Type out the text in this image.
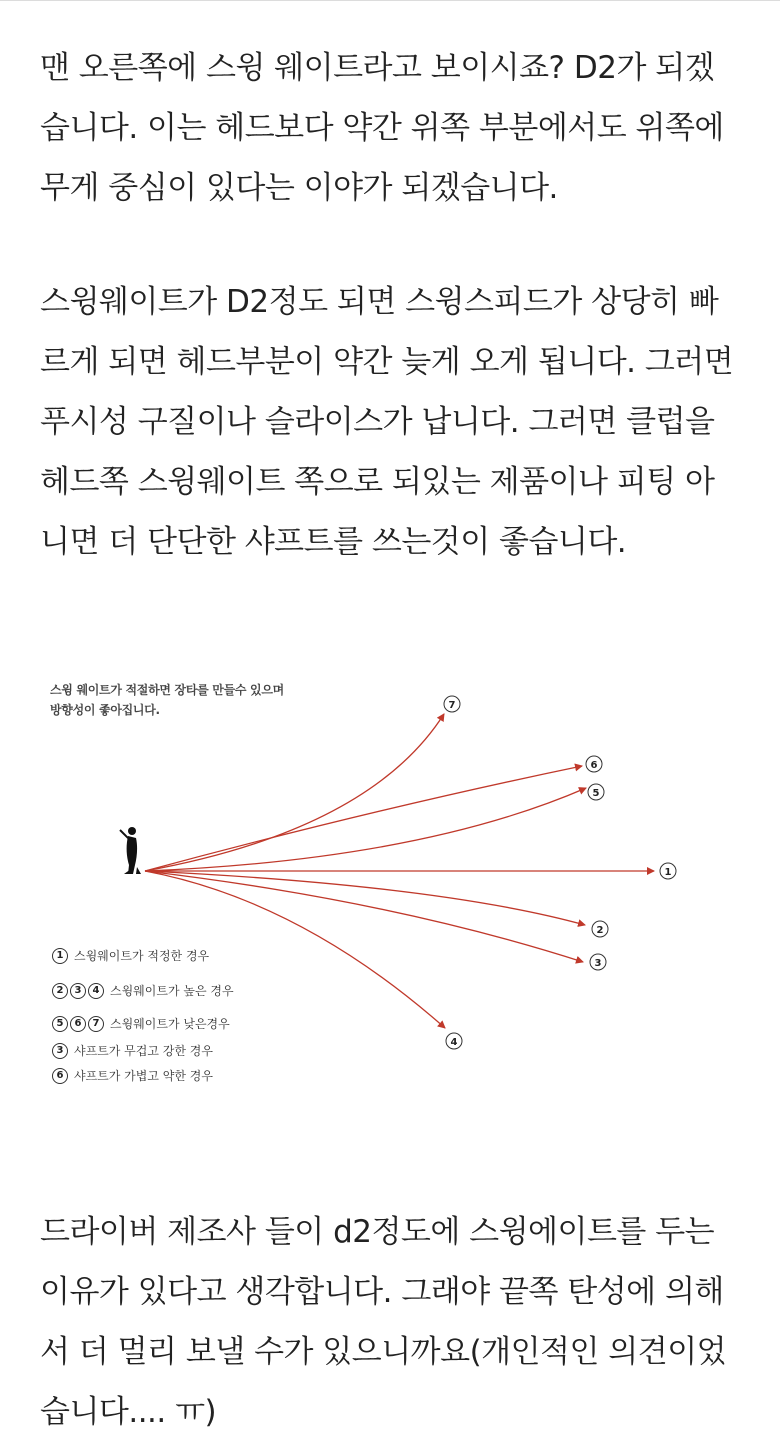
맨 오른쪽에 스윙 웨이트라고 보이시죠? D2가 되겠
습니다. 이는 헤드보다 약간 위쪽 부분에서도 위쪽에
무게 중심이 있다는 이야가 되겠습니다.

스윙웨이트가 D2정도 되면 스윙스피드가 상당히 빠
르게 되면 헤드부분이 약간 늦게 오게 됩니다. 그러면
푸시성 구질이나 슬라이스가 납니다. 그러면 클럽을
헤드쪽 스윙웨이트 쪽으로 되있는 제품이나 피팅 아
니면 더 단단한 샤프트를 쓰는것이 좋습니다.

1
2
3
4
5
6
7
스윙 웨이트가 적절하면 장타를 만들수 있으며
방향성이 좋아집니다.
1 스윙웨이트가 적정한 경우
2	3	4 스윙웨이트가 높은 경우
5	6	7 스윙웨이트가 낮은경우
3 샤프트가 무겁고 강한 경우
6 샤프트가 가볍고 약한 경우

드라이버 제조사 들이 d2정도에 스윙에이트를 두는
이유가 있다고 생각합니다. 그래야 끝쪽 탄성에 의해
서 더 멀리 보낼 수가 있으니까요(개인적인 의견이었
습니다.... ㅠ)
